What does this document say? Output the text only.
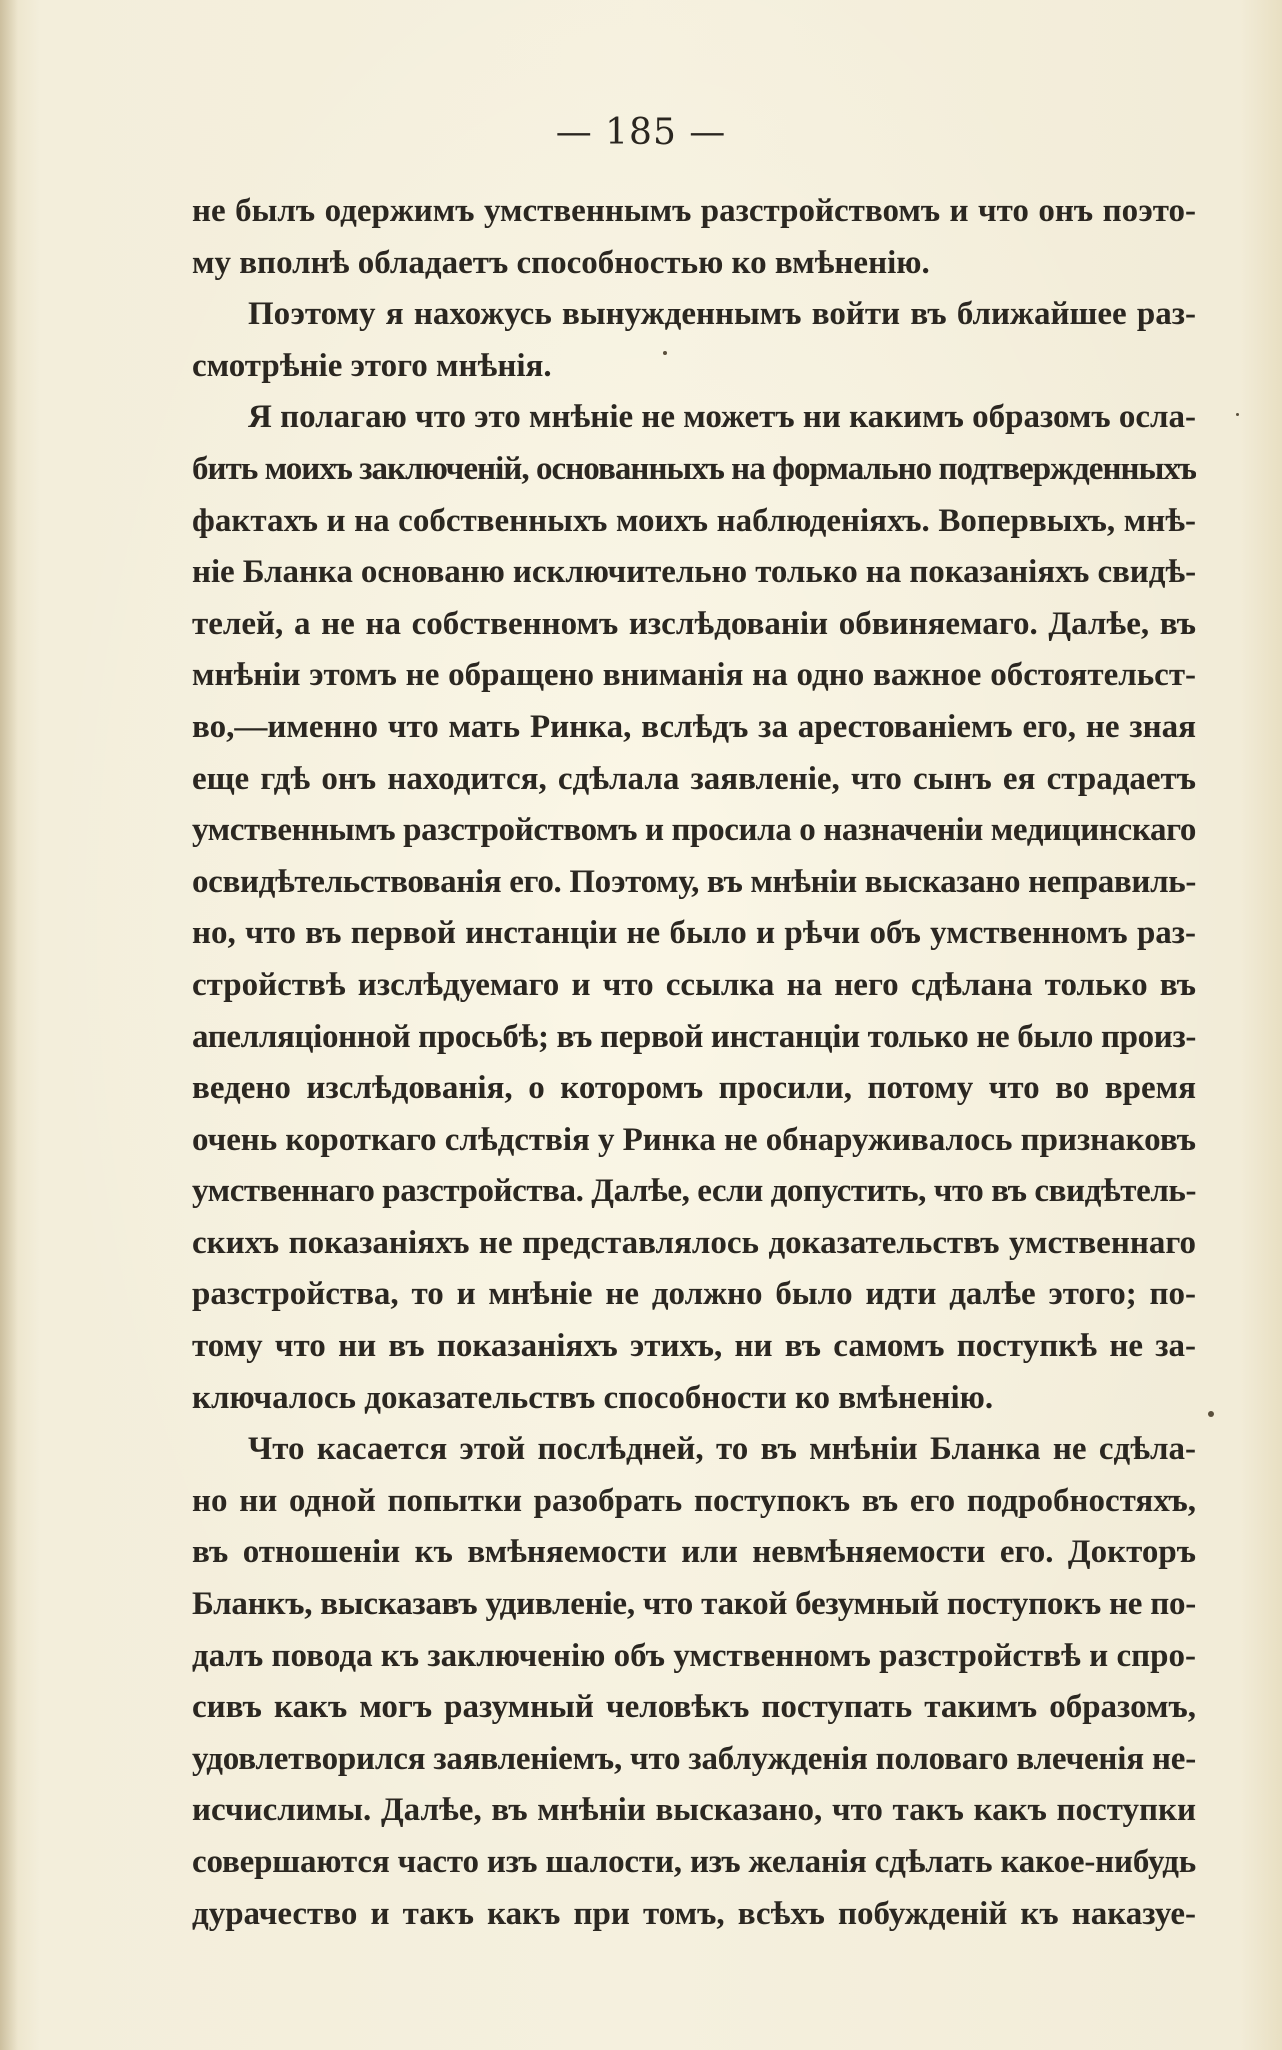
— 185 —
не былъ одержимъ умственнымъ разстройствомъ и что онъ поэто-
му вполнѣ обладаетъ способностью ко вмѣненію.
Поэтому я нахожусь вынужденнымъ войти въ ближайшее раз-
смотрѣніе этого мнѣнія.
Я полагаю что это мнѣніе не можетъ ни какимъ образомъ осла-
бить моихъ заключеній, основанныхъ на формально подтвержденныхъ
фактахъ и на собственныхъ моихъ наблюденіяхъ. Вопервыхъ, мнѣ-
ніе Бланка основаню исключительно только на показаніяхъ свидѣ-
телей, а не на собственномъ изслѣдованіи обвиняемаго. Далѣе, въ
мнѣніи этомъ не обращено вниманія на одно важное обстоятельст-
во,—именно что мать Ринка, вслѣдъ за арестованіемъ его, не зная
еще гдѣ онъ находится, сдѣлала заявленіе, что сынъ ея страдаетъ
умственнымъ разстройствомъ и просила о назначеніи медицинскаго
освидѣтельствованія его. Поэтому, въ мнѣніи высказано неправиль-
но, что въ первой инстанціи не было и рѣчи объ умственномъ раз-
стройствѣ изслѣдуемаго и что ссылка на него сдѣлана только въ
апелляціонной просьбѣ; въ первой инстанціи только не было произ-
ведено изслѣдованія, о которомъ просили, потому что во время
очень короткаго слѣдствія у Ринка не обнаруживалось признаковъ
умственнаго разстройства. Далѣе, если допустить, что въ свидѣтель-
скихъ показаніяхъ не представлялось доказательствъ умственнаго
разстройства, то и мнѣніе не должно было идти далѣе этого; по-
тому что ни въ показаніяхъ этихъ, ни въ самомъ поступкѣ не за-
ключалось доказательствъ способности ко вмѣненію.
Что касается этой послѣдней, то въ мнѣніи Бланка не сдѣла-
но ни одной попытки разобрать поступокъ въ его подробностяхъ,
въ отношеніи къ вмѣняемости или невмѣняемости его. Докторъ
Бланкъ, высказавъ удивленіе, что такой безумный поступокъ не по-
далъ повода къ заключенію объ умственномъ разстройствѣ и спро-
сивъ какъ могъ разумный человѣкъ поступать такимъ образомъ,
удовлетворился заявленіемъ, что заблужденія половаго влеченія не-
исчислимы. Далѣе, въ мнѣніи высказано, что такъ какъ поступки
совершаются часто изъ шалости, изъ желанія сдѣлать какое-нибудь
дурачество и такъ какъ при томъ, всѣхъ побужденій къ наказуе-
